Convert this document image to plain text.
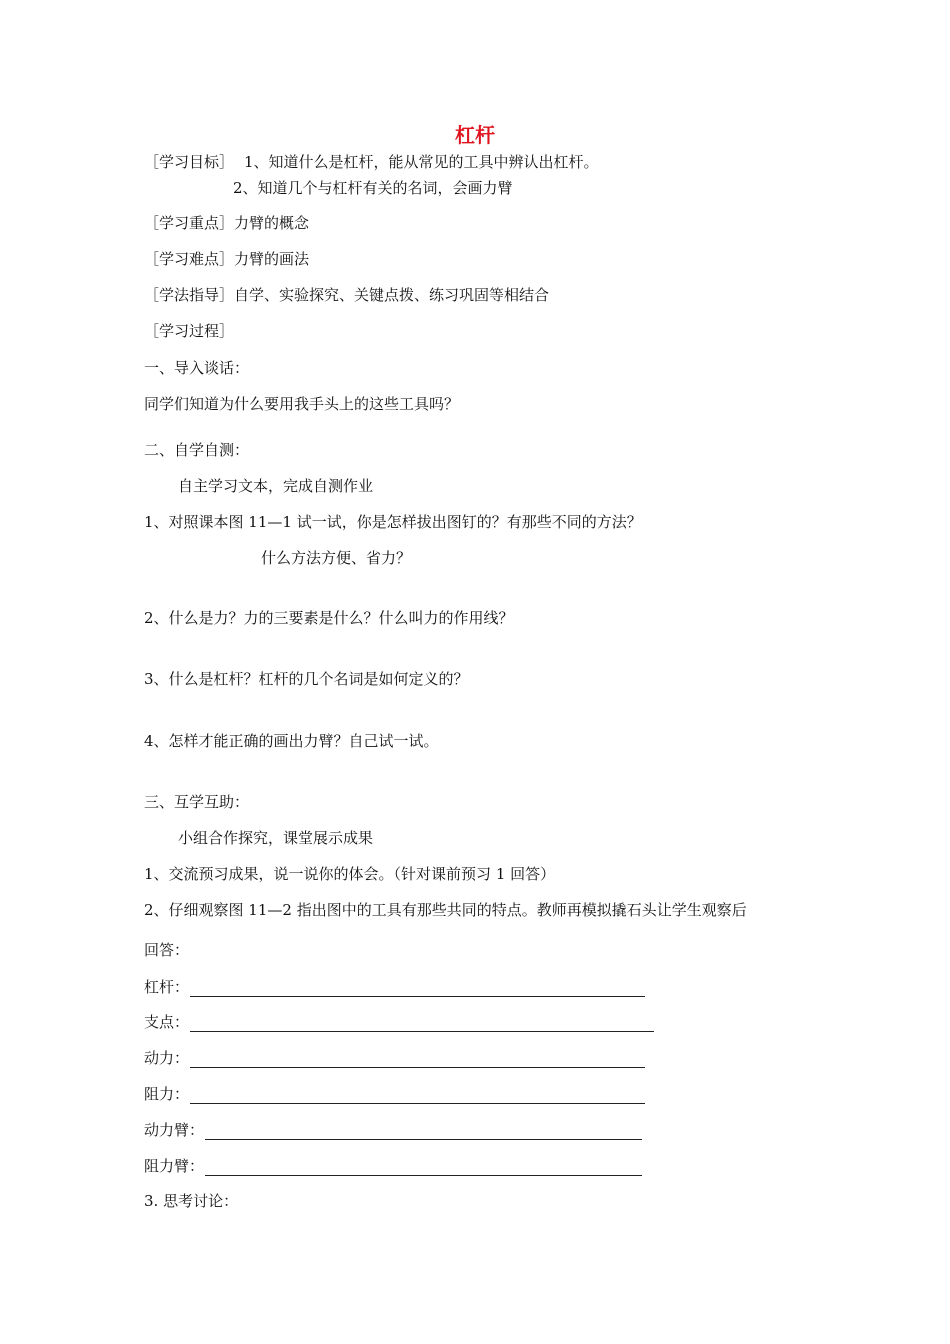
杠杆
［学习目标］ 1、知道什么是杠杆，能从常见的工具中辨认出杠杆。
2、知道几个与杠杆有关的名词，会画力臂
［学习重点］力臂的概念
［学习难点］力臂的画法
［学法指导］自学、实验探究、关键点拨、练习巩固等相结合
［学习过程］
一、导入谈话：
同学们知道为什么要用我手头上的这些工具吗？
二、自学自测：
自主学习文本，完成自测作业
1、对照课本图 11—1 试一试，你是怎样拔出图钉的？有那些不同的方法？
什么方法方便、省力？
2、什么是力？力的三要素是什么？什么叫力的作用线？
3、什么是杠杆？杠杆的几个名词是如何定义的？
4、怎样才能正确的画出力臂？自己试一试。
三、互学互助：
小组合作探究，课堂展示成果
1、交流预习成果，说一说你的体会。（针对课前预习 1 回答）
2、仔细观察图 11—2 指出图中的工具有那些共同的特点。教师再模拟撬石头让学生观察后
回答：
杠杆：
支点：
动力：
阻力：
动力臂：
阻力臂：
3. 思考讨论：
